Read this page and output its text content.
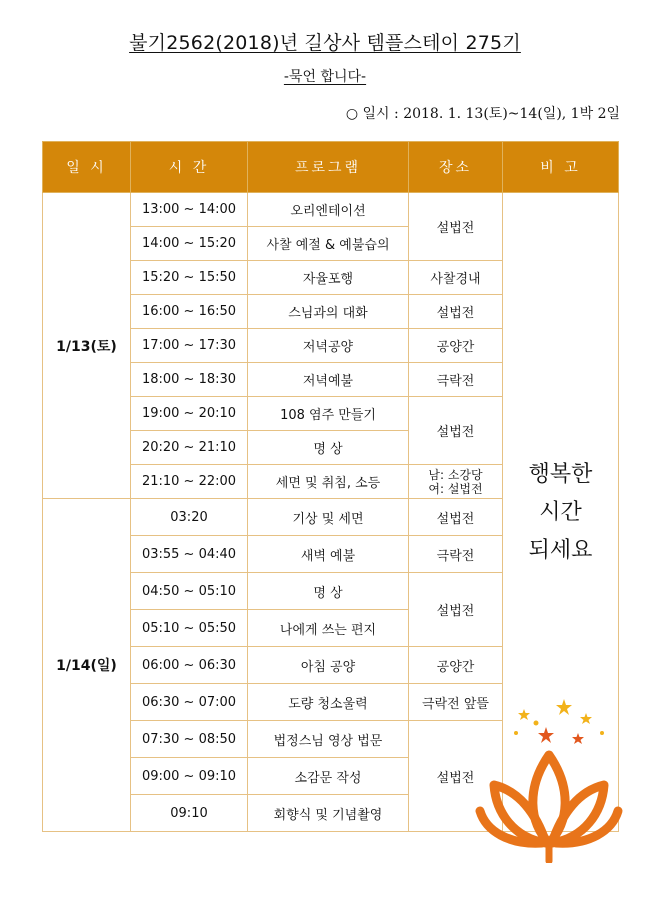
불기2562(2018)년 길상사 템플스테이 275기
-묵언 합니다-
○ 일시 : 2018. 1. 13(토)~14(일), 1박 2일
일 시	시 간	프로그램	장소	비 고
1/13(토)	13:00 ~ 14:00	오리엔테이션	설법전	행복한
시간
되세요

	14:00 ~ 15:20	사찰 예절 & 예불습의		
	15:20 ~ 15:50	자율포행	사찰경내	
	16:00 ~ 16:50	스님과의 대화	설법전	
	17:00 ~ 17:30	저녁공양	공양간	
	18:00 ~ 18:30	저녁예불	극락전	
	19:00 ~ 20:10	108 염주 만들기	설법전	
	20:20 ~ 21:10	명 상		
	21:10 ~ 22:00	세면 및 취침, 소등	남: 소강당
여: 설법전	

1/14(일)	03:20	기상 및 세면	설법전	
	03:55 ~ 04:40	새벽 예불	극락전	
	04:50 ~ 05:10	명 상	설법전	
	05:10 ~ 05:50	나에게 쓰는 편지		
	06:00 ~ 06:30	아침 공양	공양간	
	06:30 ~ 07:00	도량 청소울력	극락전 앞뜰	
	07:30 ~ 08:50	법정스님 영상 법문	설법전	
	09:00 ~ 09:10	소감문 작성		
	09:10	회향식 및 기념촬영		
